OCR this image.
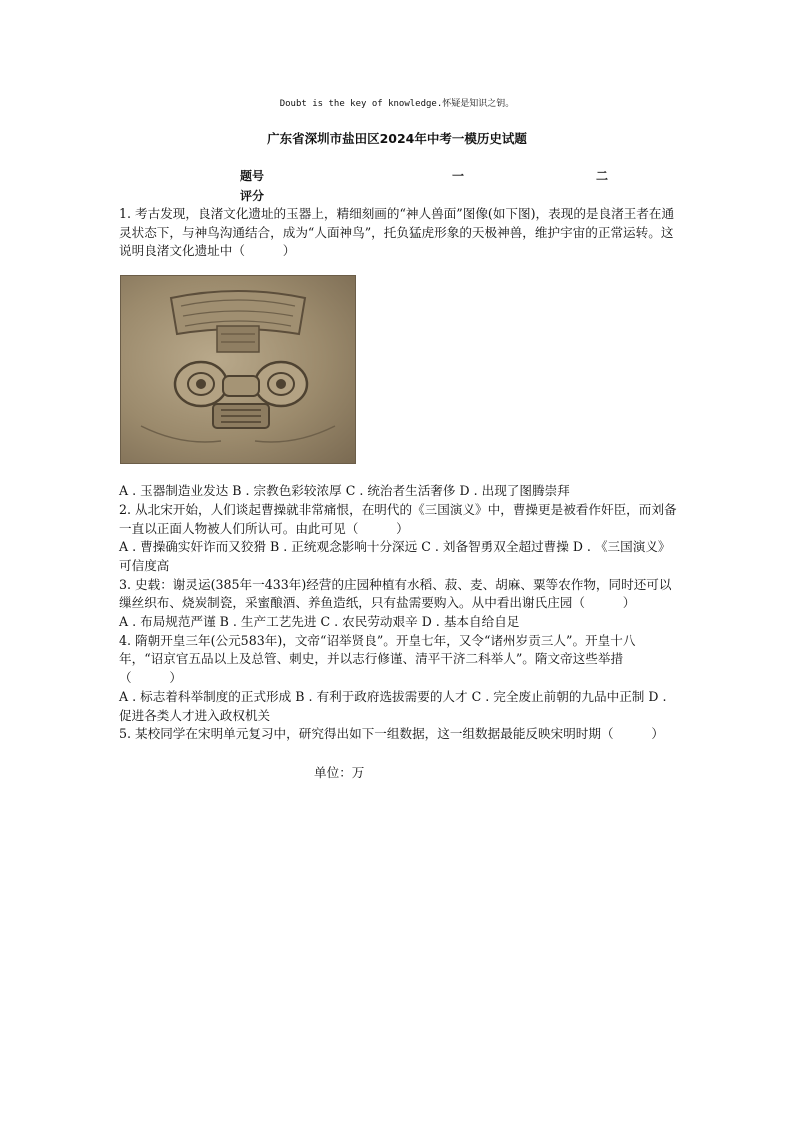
Doubt is the key of knowledge.怀疑是知识之钥。
广东省深圳市盐田区2024年中考一模历史试题
题号	一	二
评分

1. 考古发现，良渚文化遗址的玉器上，精细刻画的“神人兽面”图像(如下图)，表现的是良渚王者在通灵状态下，与神鸟沟通结合，成为“人面神鸟”，托负猛虎形象的天极神兽，维护宇宙的正常运转。这说明良渚文化遗址中（　　　）

A . 玉器制造业发达 B . 宗教色彩较浓厚 C . 统治者生活奢侈 D . 出现了图腾崇拜

2. 从北宋开始，人们谈起曹操就非常痛恨，在明代的《三国演义》中，曹操更是被看作奸臣，而刘备一直以正面人物被人们所认可。由此可见（　　　）

A . 曹操确实奸诈而又狡猾 B . 正统观念影响十分深远 C . 刘备智勇双全超过曹操 D . 《三国演义》可信度高

3. 史载：谢灵运(385年一433年)经营的庄园种植有水稻、菽、麦、胡麻、粟等农作物，同时还可以缫丝织布、烧炭制瓷，采蜜酿酒、养鱼造纸，只有盐需要购入。从中看出谢氏庄园（　　　）

A . 布局规范严谨 B . 生产工艺先进 C . 农民劳动艰辛 D . 基本自给自足

4. 隋朝开皇三年(公元583年)，文帝“诏举贤良”。开皇七年，又令“诸州岁贡三人”。开皇十八年，“诏京官五品以上及总管、刺史，并以志行修谨、清平干济二科举人”。隋文帝这些举措（　　　）

A . 标志着科举制度的正式形成 B . 有利于政府选拔需要的人才 C . 完全废止前朝的九品中正制 D . 促进各类人才进入政权机关

5. 某校同学在宋明单元复习中，研究得出如下一组数据，这一组数据最能反映宋明时期（　　　）

单位：万
